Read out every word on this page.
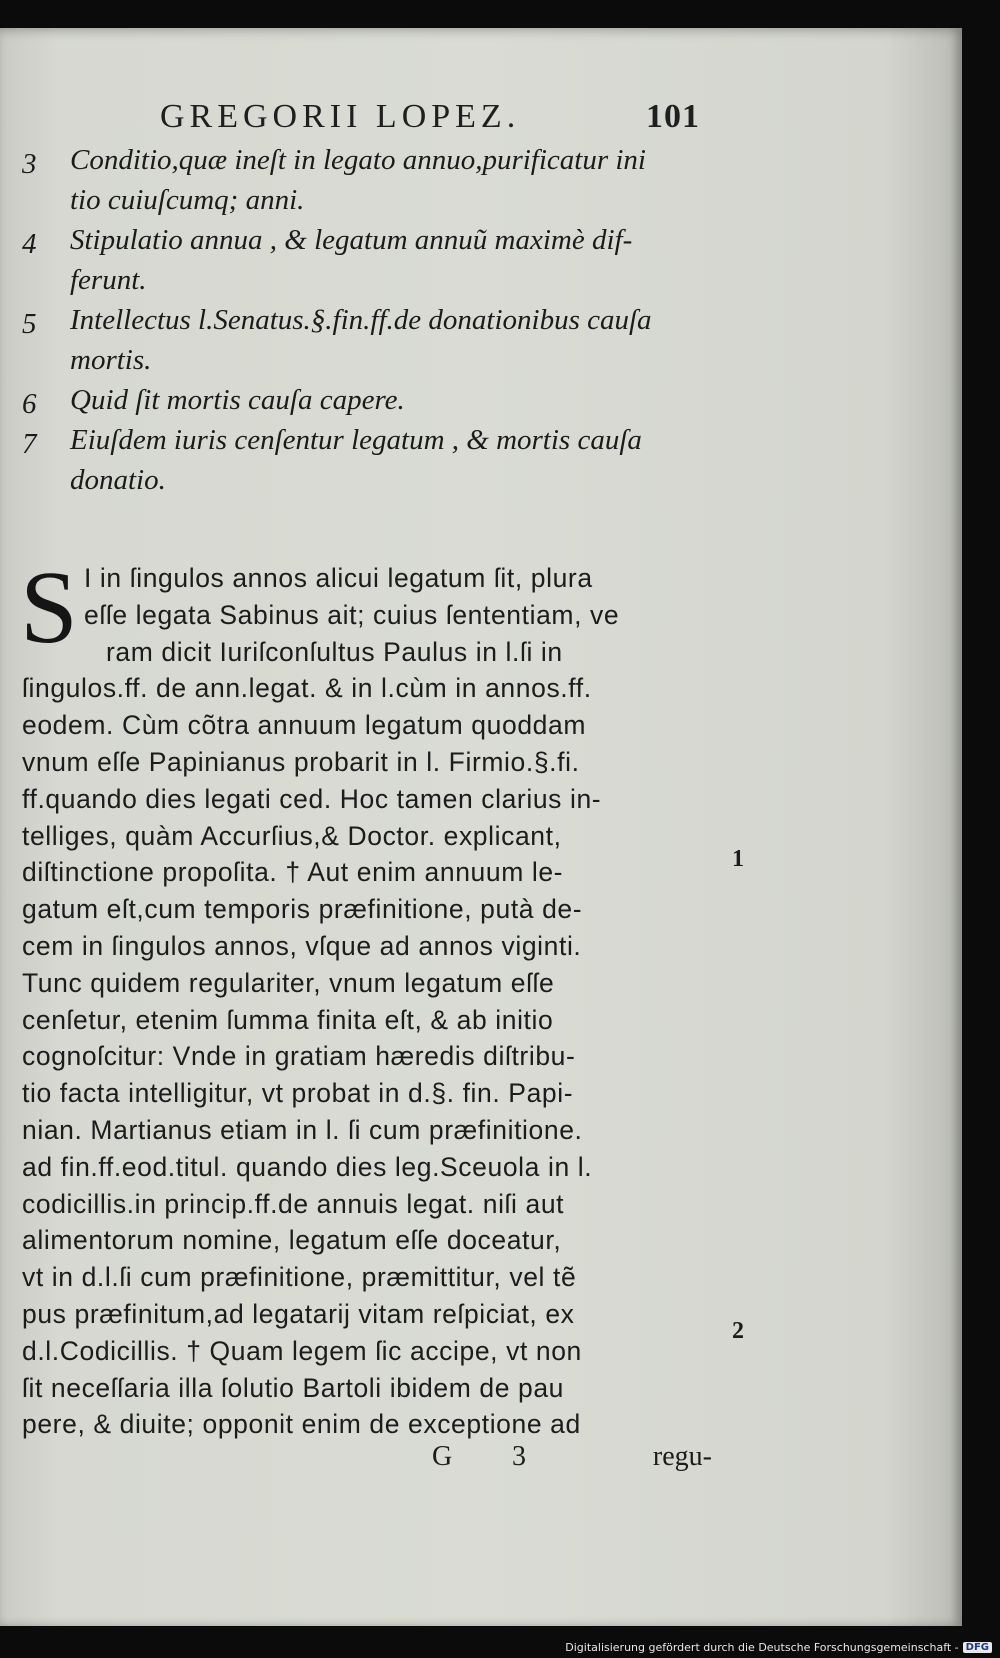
GREGORII LOPEZ.	101
3 Conditio,quæ ineſt in legato annuo,purificatur ini
tio cuiuſcumq; anni.
4 Stipulatio annua , & legatum annuũ maximè dif-
ferunt.
5 Intellectus l.Senatus.§.fin.ff.de donationibus cauſa
mortis.
6 Quid ſit mortis cauſa capere.
7 Eiuſdem iuris cenſentur legatum , & mortis cauſa
donatio.
S I in ſingulos annos alicui legatum ſit, plura
eſſe legata Sabinus ait; cuius ſententiam, ve
ram dicit Iuriſconſultus Paulus in l.ſi in
ſingulos.ff. de ann.legat. & in l.cùm in annos.ff.
eodem. Cùm cõtra annuum legatum quoddam
vnum eſſe Papinianus probarit in l. Firmio.§.fi.
ff.quando dies legati ced. Hoc tamen clarius in-
telliges, quàm Accurſius,& Doctor. explicant,
diſtinctione propoſita. † Aut enim annuum le-
gatum eſt,cum temporis præfinitione, putà de-
cem in ſingulos annos, vſque ad annos viginti.
Tunc quidem regulariter, vnum legatum eſſe
cenſetur, etenim ſumma finita eſt, & ab initio
cognoſcitur: Vnde in gratiam hæredis diſtribu-
tio facta intelligitur, vt probat in d.§. fin. Papi-
nian. Martianus etiam in l. ſi cum præfinitione.
ad fin.ff.eod.titul. quando dies leg.Sceuola in l.
codicillis.in princip.ff.de annuis legat. niſi aut
alimentorum nomine, legatum eſſe doceatur,
vt in d.l.ſi cum præfinitione, præmittitur, vel tẽ
pus præfinitum,ad legatarij vitam reſpiciat, ex
d.l.Codicillis. † Quam legem ſic accipe, vt non
ſit neceſſaria illa ſolutio Bartoli ibidem de pau
pere, & diuite; opponit enim de exceptione ad
1
2
G 3	regu-
Digitalisierung gefördert durch die Deutsche Forschungsgemeinschaft - DFG
